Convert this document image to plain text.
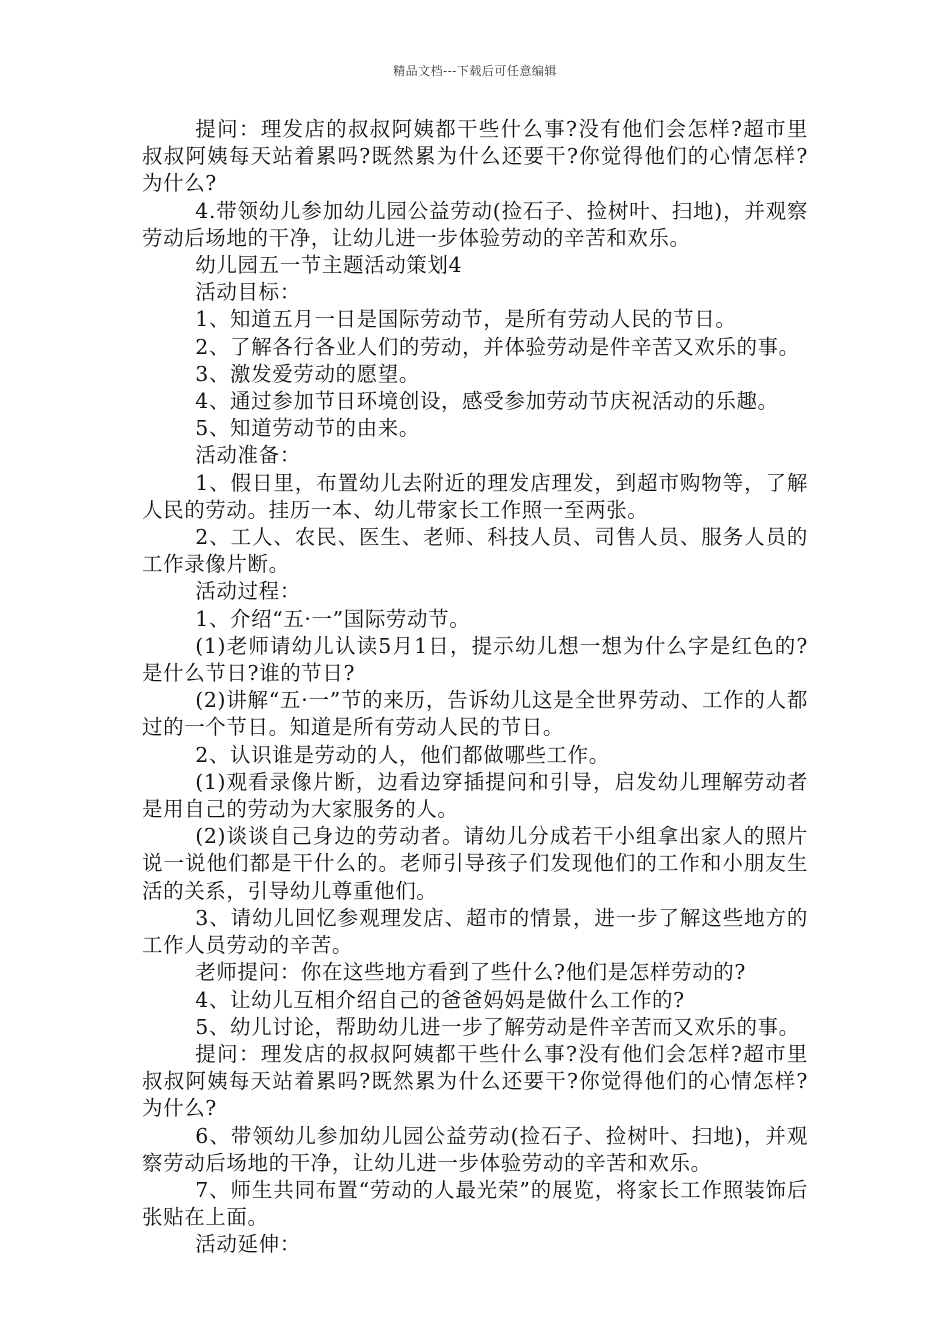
精品文档---下载后可任意编辑

提问：理发店的叔叔阿姨都干些什么事?没有他们会怎样?超市里叔叔阿姨每天站着累吗?既然累为什么还要干?你觉得他们的心情怎样?为什么?

4.带领幼儿参加幼儿园公益劳动(捡石子、捡树叶、扫地)，并观察劳动后场地的干净，让幼儿进一步体验劳动的辛苦和欢乐。

幼儿园五一节主题活动策划4

活动目标：

1、知道五月一日是国际劳动节，是所有劳动人民的节日。

2、了解各行各业人们的劳动，并体验劳动是件辛苦又欢乐的事。

3、激发爱劳动的愿望。

4、通过参加节日环境创设，感受参加劳动节庆祝活动的乐趣。

5、知道劳动节的由来。

活动准备：

1、假日里，布置幼儿去附近的理发店理发，到超市购物等，了解人民的劳动。挂历一本、幼儿带家长工作照一至两张。

2、工人、农民、医生、老师、科技人员、司售人员、服务人员的工作录像片断。

活动过程：

1、介绍“五·一”国际劳动节。

(1)老师请幼儿认读5月1日，提示幼儿想一想为什么字是红色的?是什么节日?谁的节日?

(2)讲解“五·一”节的来历，告诉幼儿这是全世界劳动、工作的人都过的一个节日。知道是所有劳动人民的节日。

2、认识谁是劳动的人，他们都做哪些工作。

(1)观看录像片断，边看边穿插提问和引导，启发幼儿理解劳动者是用自己的劳动为大家服务的人。

(2)谈谈自己身边的劳动者。请幼儿分成若干小组拿出家人的照片说一说他们都是干什么的。老师引导孩子们发现他们的工作和小朋友生活的关系，引导幼儿尊重他们。

3、请幼儿回忆参观理发店、超市的情景，进一步了解这些地方的工作人员劳动的辛苦。

老师提问：你在这些地方看到了些什么?他们是怎样劳动的?

4、让幼儿互相介绍自己的爸爸妈妈是做什么工作的?

5、幼儿讨论，帮助幼儿进一步了解劳动是件辛苦而又欢乐的事。

提问：理发店的叔叔阿姨都干些什么事?没有他们会怎样?超市里叔叔阿姨每天站着累吗?既然累为什么还要干?你觉得他们的心情怎样?为什么?

6、带领幼儿参加幼儿园公益劳动(捡石子、捡树叶、扫地)，并观察劳动后场地的干净，让幼儿进一步体验劳动的辛苦和欢乐。

7、师生共同布置“劳动的人最光荣”的展览，将家长工作照装饰后张贴在上面。

活动延伸：
